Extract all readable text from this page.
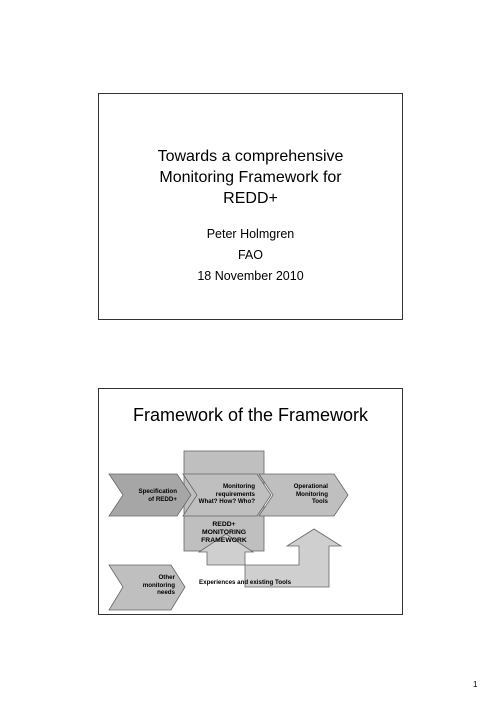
Towards a comprehensive
Monitoring Framework for
REDD+
Peter Holmgren
FAO
18 November 2010
Framework of the Framework
Specification
of REDD+
Monitoring
requirements
What? How? Who?
Operational
Monitoring
Tools
REDD+
MONITORING
FRAMEWORK
Other
monitoring
needs
Experiences and existing Tools
1
